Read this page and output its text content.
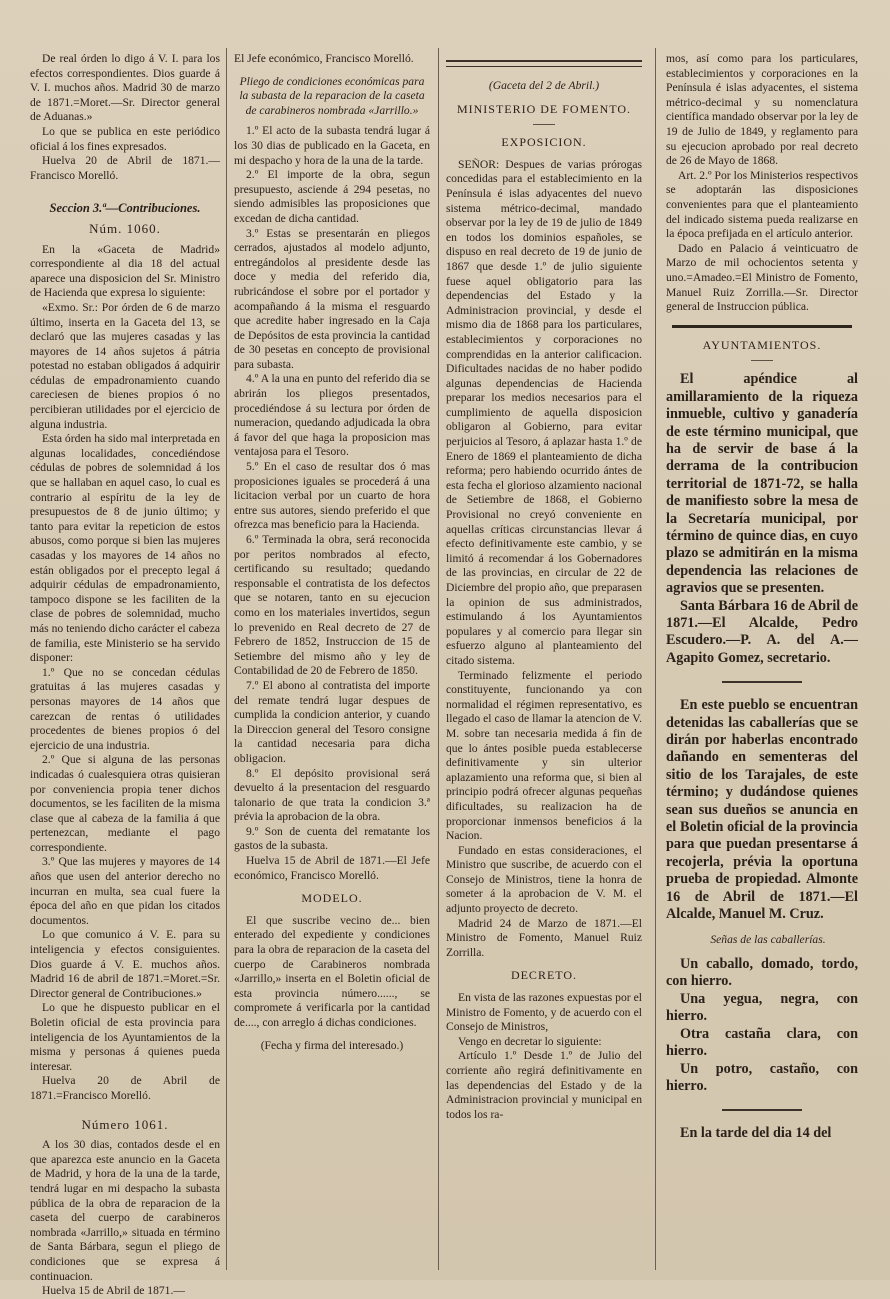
De real órden lo digo á V. I. para los efectos correspondientes. Dios guarde á V. I. muchos años. Madrid 30 de marzo de 1871.=Moret.—Sr. Director general de Aduanas.»

Lo que se publica en este periódico oficial á los fines expresados.

Huelva 20 de Abril de 1871.—Francisco Morelló.

Seccion 3.ª—Contribuciones.
Núm. 1060.

En la «Gaceta de Madrid» correspondiente al dia 18 del actual aparece una disposicion del Sr. Ministro de Hacienda que expresa lo siguiente:

«Exmo. Sr.: Por órden de 6 de marzo último, inserta en la Gaceta del 13, se declaró que las mujeres casadas y las mayores de 14 años sujetos á pátria potestad no estaban obligados á adquirir cédulas de empadronamiento cuando careciesen de bienes propios ó no percibieran utilidades por el ejercicio de alguna industria.

Esta órden ha sido mal interpretada en algunas localidades, concediéndose cédulas de pobres de solemnidad á los que se hallaban en aquel caso, lo cual es contrario al espíritu de la ley de presupuestos de 8 de junio último; y tanto para evitar la repeticion de estos abusos, como porque si bien las mujeres casadas y los mayores de 14 años no están obligados por el precepto legal á adquirir cédulas de empadronamiento, tampoco dispone se les faciliten de la clase de pobres de solemnidad, mucho más no teniendo dicho carácter el cabeza de familia, este Ministerio se ha servido disponer:

1.º Que no se concedan cédulas gratuitas á las mujeres casadas y personas mayores de 14 años que carezcan de rentas ó utilidades procedentes de bienes propios ó del ejercicio de una industria.

2.º Que si alguna de las personas indicadas ó cualesquiera otras quisieran por conveniencia propia tener dichos documentos, se les faciliten de la misma clase que al cabeza de la familia á que pertenezcan, mediante el pago correspondiente.

3.º Que las mujeres y mayores de 14 años que usen del anterior derecho no incurran en multa, sea cual fuere la época del año en que pidan los citados documentos.

Lo que comunico á V. E. para su inteligencia y efectos consiguientes. Dios guarde á V. E. muchos años. Madrid 16 de abril de 1871.=Moret.=Sr. Director general de Contribuciones.»

Lo que he dispuesto publicar en el Boletin oficial de esta provincia para inteligencia de los Ayuntamientos de la misma y personas á quienes pueda interesar.

Huelva 20 de Abril de 1871.=Francisco Morelló.

Número 1061.

A los 30 dias, contados desde el en que aparezca este anuncio en la Gaceta de Madrid, y hora de la una de la tarde, tendrá lugar en mi despacho la subasta pública de la obra de reparacion de la caseta del cuerpo de carabineros nombrada «Jarrillo,» situada en término de Santa Bárbara, segun el pliego de condiciones que se expresa á continuacion.

Huelva 15 de Abril de 1871.—

El Jefe económico, Francisco Morelló.

Pliego de condiciones económicas para la subasta de la reparacion de la caseta de carabineros nombrada «Jarrillo.»

1.º El acto de la subasta tendrá lugar á los 30 dias de publicado en la Gaceta, en mi despacho y hora de la una de la tarde.

2.º El importe de la obra, segun presupuesto, asciende á 294 pesetas, no siendo admisibles las proposiciones que excedan de dicha cantidad.

3.º Estas se presentarán en pliegos cerrados, ajustados al modelo adjunto, entregándolos al presidente desde las doce y media del referido dia, rubricándose el sobre por el portador y acompañando á la misma el resguardo que acredite haber ingresado en la Caja de Depósitos de esta provincia la cantidad de 30 pesetas en concepto de provisional para subasta.

4.º A la una en punto del referido dia se abrirán los pliegos presentados, procediéndose á su lectura por órden de numeracion, quedando adjudicada la obra á favor del que haga la proposicion mas ventajosa para el Tesoro.

5.º En el caso de resultar dos ó mas proposiciones iguales se procederá á una licitacion verbal por un cuarto de hora entre sus autores, siendo preferido el que ofrezca mas beneficio para la Hacienda.

6.º Terminada la obra, será reconocida por peritos nombrados al efecto, certificando su resultado; quedando responsable el contratista de los defectos que se notaren, tanto en su ejecucion como en los materiales invertidos, segun lo prevenido en Real decreto de 27 de Febrero de 1852, Instruccion de 15 de Setiembre del mismo año y ley de Contabilidad de 20 de Febrero de 1850.

7.º El abono al contratista del importe del remate tendrá lugar despues de cumplida la condicion anterior, y cuando la Direccion general del Tesoro consigne la cantidad necesaria para dicha obligacion.

8.º El depósito provisional será devuelto á la presentacion del resguardo talonario de que trata la condicion 3.ª prévia la aprobacion de la obra.

9.º Son de cuenta del rematante los gastos de la subasta.

Huelva 15 de Abril de 1871.—El Jefe económico, Francisco Morelló.

MODELO.

El que suscribe vecino de... bien enterado del expediente y condiciones para la obra de reparacion de la caseta del cuerpo de Carabineros nombrada «Jarrillo,» inserta en el Boletin oficial de esta provincia número......, se compromete á verificarla por la cantidad de...., con arreglo á dichas condiciones.

(Fecha y firma del interesado.)

(Gaceta del 2 de Abril.)

MINISTERIO DE FOMENTO.
EXPOSICION.

SEÑOR: Despues de varias prórogas concedidas para el establecimiento en la Península é islas adyacentes del nuevo sistema métrico-decimal, mandado observar por la ley de 19 de julio de 1849 en todos los dominios españoles, se dispuso en real decreto de 19 de junio de 1867 que desde 1.º de julio siguiente fuese aquel obligatorio para las dependencias del Estado y la Administracion provincial, y desde el mismo dia de 1868 para los particulares, establecimientos y corporaciones no comprendidas en la anterior calificacion. Dificultades nacidas de no haber podido algunas dependencias de Hacienda preparar los medios necesarios para el cumplimiento de aquella disposicion obligaron al Gobierno, para evitar perjuicios al Tesoro, á aplazar hasta 1.º de Enero de 1869 el planteamiento de dicha reforma; pero habiendo ocurrido ántes de esta fecha el glorioso alzamiento nacional de Setiembre de 1868, el Gobierno Provisional no creyó conveniente en aquellas críticas circunstancias llevar á efecto definitivamente este cambio, y se limitó á recomendar á los Gobernadores de las provincias, en circular de 22 de Diciembre del propio año, que preparasen la opinion de sus administrados, estimulando á los Ayuntamientos populares y al comercio para llegar sin esfuerzo alguno al planteamiento del citado sistema.

Terminado felizmente el periodo constituyente, funcionando ya con normalidad el régimen representativo, es llegado el caso de llamar la atencion de V. M. sobre tan necesaria medida á fin de que lo ántes posible pueda establecerse definitivamente y sin ulterior aplazamiento una reforma que, si bien al principio podrá ofrecer algunas pequeñas dificultades, su realizacion ha de proporcionar inmensos beneficios á la Nacion.

Fundado en estas consideraciones, el Ministro que suscribe, de acuerdo con el Consejo de Ministros, tiene la honra de someter á la aprobacion de V. M. el adjunto proyecto de decreto.

Madrid 24 de Marzo de 1871.—El Ministro de Fomento, Manuel Ruiz Zorrilla.

DECRETO.

En vista de las razones expuestas por el Ministro de Fomento, y de acuerdo con el Consejo de Ministros,

Vengo en decretar lo siguiente:

Artículo 1.º Desde 1.º de Julio del corriente año regirá definitivamente en las dependencias del Estado y de la Administracion provincial y municipal en todos los ra-

mos, así como para los particulares, establecimientos y corporaciones en la Península é islas adyacentes, el sistema métrico-decimal y su nomenclatura científica mandado observar por la ley de 19 de Julio de 1849, y reglamento para su ejecucion aprobado por real decreto de 26 de Mayo de 1868.

Art. 2.º Por los Ministerios respectivos se adoptarán las disposiciones convenientes para que el planteamiento del indicado sistema pueda realizarse en la época prefijada en el artículo anterior.

Dado en Palacio á veinticuatro de Marzo de mil ochocientos setenta y uno.=Amadeo.=El Ministro de Fomento, Manuel Ruiz Zorrilla.—Sr. Director general de Instruccion pública.

AYUNTAMIENTOS.

El apéndice al amillaramiento de la riqueza inmueble, cultivo y ganadería de este término municipal, que ha de servir de base á la derrama de la contribucion territorial de 1871-72, se halla de manifiesto sobre la mesa de la Secretaría municipal, por término de quince dias, en cuyo plazo se admitirán en la misma dependencia las relaciones de agravios que se presenten.

Santa Bárbara 16 de Abril de 1871.—El Alcalde, Pedro Escudero.—P. A. del A.—Agapito Gomez, secretario.

En este pueblo se encuentran detenidas las caballerías que se dirán por haberlas encontrado dañando en sementeras del sitio de los Tarajales, de este término; y dudándose quienes sean sus dueños se anuncia en el Boletin oficial de la provincia para que puedan presentarse á recojerla, prévia la oportuna prueba de propiedad. Almonte 16 de Abril de 1871.—El Alcalde, Manuel M. Cruz.

Señas de las caballerías.

Un caballo, domado, tordo, con hierro.

Una yegua, negra, con hierro.

Otra castaña clara, con hierro.

Un potro, castaño, con hierro.

En la tarde del dia 14 del
